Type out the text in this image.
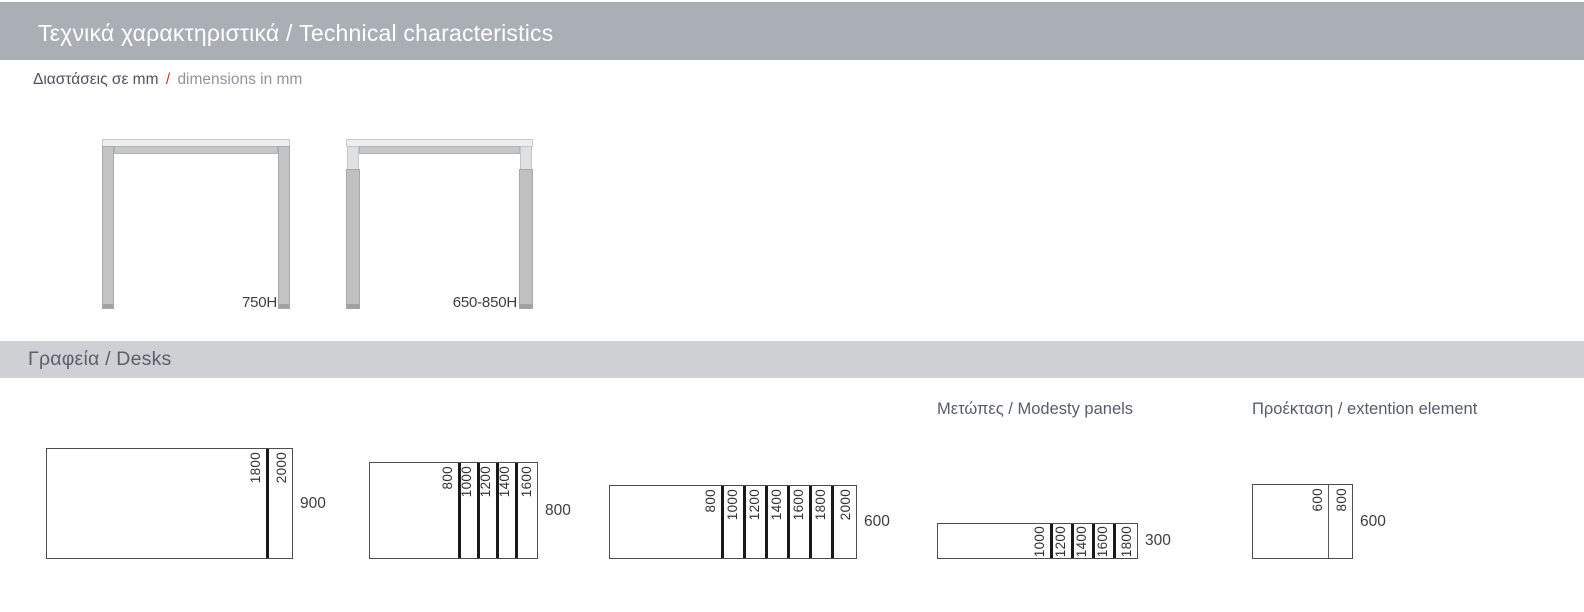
Τεχνικά χαρακτηριστικά / Technical characteristics
Διαστάσεις σε mm / dimensions in mm
750H	650-850H
Γραφεία / Desks
Μετώπες / Modesty panels	Προέκταση / extention element
1800 2000
900
800 1000 1200 1400 1600
800	800 1000 1200 1400 1600 1800 2000
600
1000 1200 1400 1600 1800 300
600 800
600
